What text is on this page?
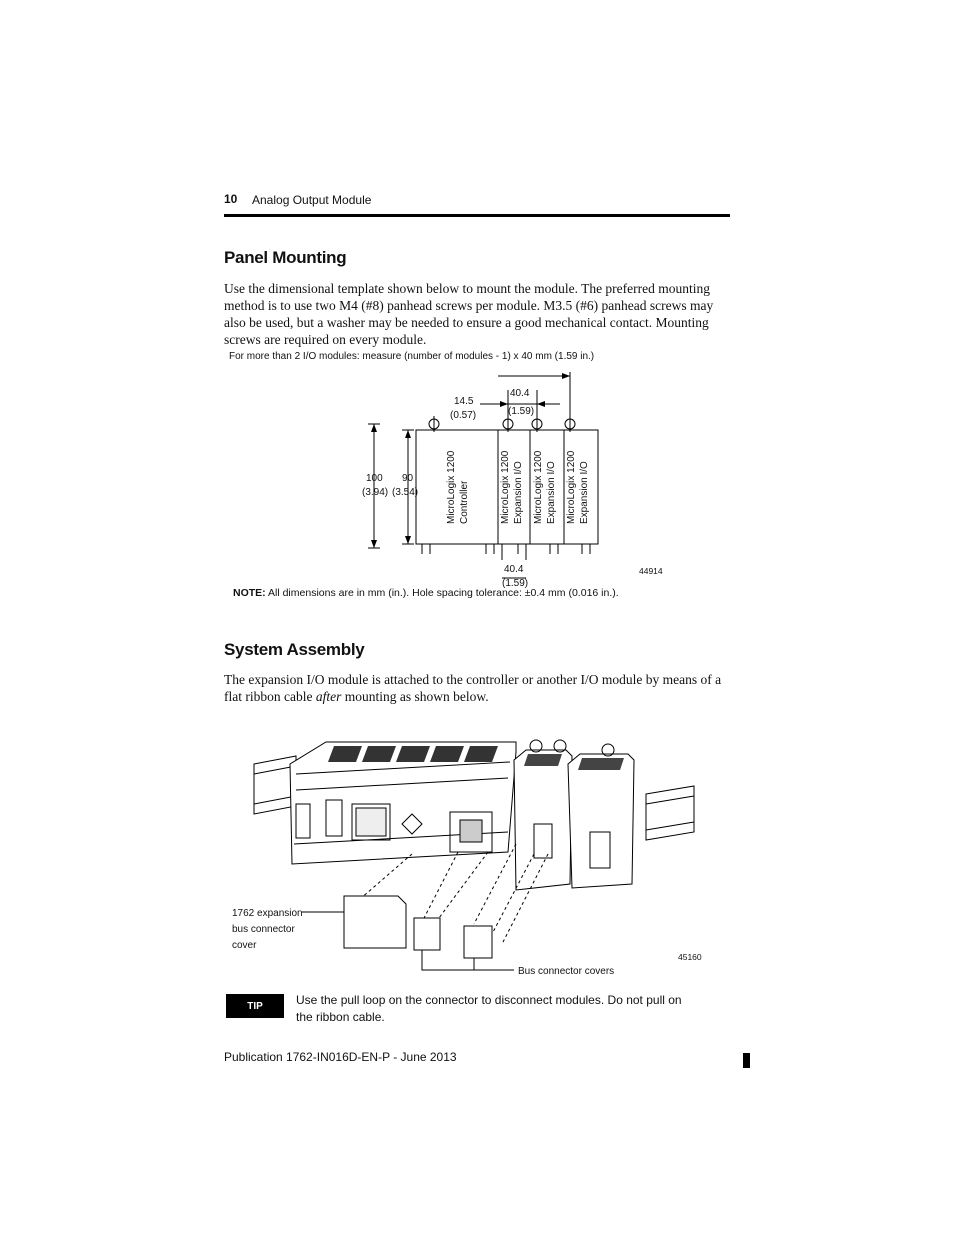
10 Analog Output Module
Panel Mounting
Use the dimensional template shown below to mount the module. The preferred mounting method is to use two M4 (#8) panhead screws per module. M3.5 (#6) panhead screws may also be used, but a washer may be needed to ensure a good mechanical contact. Mounting screws are required on every module.
For more than 2 I/O modules: measure (number of modules - 1) x 40 mm (1.59 in.)
14.5
(0.57)
40.4
(1.59)
100
(3.94)
90
(3.54)
40.4
(1.59)
44914
MicroLogix 1200 Controller	MicroLogix 1200 Expansion I/O MicroLogix 1200 Expansion I/O MicroLogix 1200 Expansion I/O
NOTE: All dimensions are in mm (in.). Hole spacing tolerance: ±0.4 mm (0.016 in.).
System Assembly
The expansion I/O module is attached to the controller or another I/O module by means of a flat ribbon cable after mounting as shown below.
1762 expansion
bus connector
cover
Bus connector covers
45160
TIP	Use the pull loop on the connector to disconnect modules. Do not pull on the ribbon cable.
Publication 1762-IN016D-EN-P - June 2013
